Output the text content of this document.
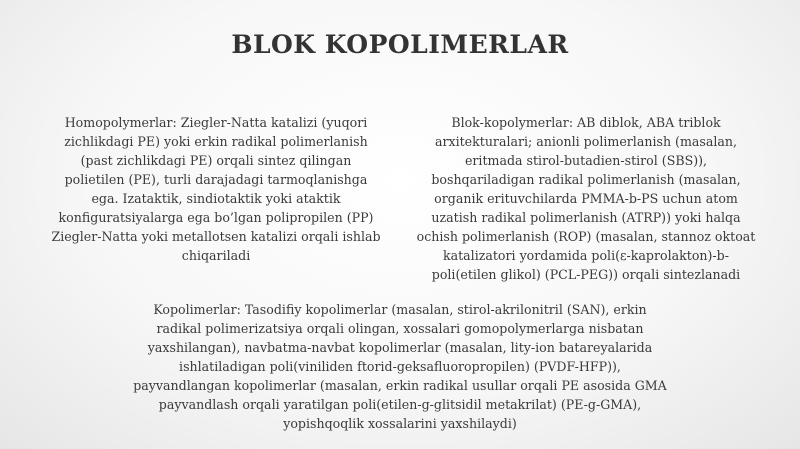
BLOK KOPOLIMERLAR
Homopolymerlar: Ziegler-Natta katalizi (yuqori zichlikdagi PE) yoki erkin radikal polimerlanish (past zichlikdagi PE) orqali sintez qilingan polietilen (PE), turli darajadagi tarmoqlanishga ega. Izataktik, sindiotaktik yoki ataktik konfiguratsiyalarga ega bo’lgan polipropilen (PP) Ziegler-Natta yoki metallotsen katalizi orqali ishlab chiqariladi
Blok-kopolymerlar: AB diblok, ABA triblok arxitekturalari; anionli polimerlanish (masalan, eritmada stirol-butadien-stirol (SBS)), boshqariladigan radikal polimerlanish (masalan, organik erituvchilarda PMMA-b-PS uchun atom uzatish radikal polimerlanish (ATRP)) yoki halqa ochish polimerlanish (ROP) (masalan, stannoz oktoat katalizatori yordamida poli(ε-kaprolakton)-b-poli(etilen glikol) (PCL-PEG)) orqali sintezlanadi
Kopolimerlar: Tasodifiy kopolimerlar (masalan, stirol-akrilonitril (SAN), erkin radikal polimerizatsiya orqali olingan, xossalari gomopolymerlarga nisbatan yaxshilangan), navbatma-navbat kopolimerlar (masalan, lity-ion batareyalarida ishlatiladigan poli(viniliden ftorid-geksafluoropropilen) (PVDF-HFP)), payvandlangan kopolimerlar (masalan, erkin radikal usullar orqali PE asosida GMA payvandlash orqali yaratilgan poli(etilen-g-glitsidil metakrilat) (PE-g-GMA), yopishqoqlik xossalarini yaxshilaydi)
